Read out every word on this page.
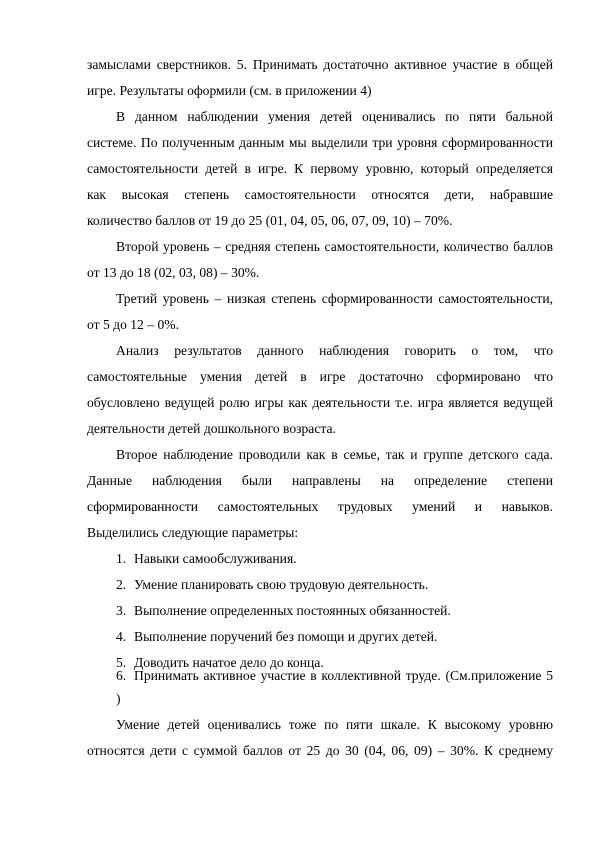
замыслами сверстников. 5. Принимать достаточно активное участие в общей
игре. Результаты оформили (см. в приложении 4)
В данном наблюдении умения детей оценивались по пяти бальной
системе. По полученным данным мы выделили три уровня сформированности
самостоятельности детей в игре. К первому уровню, который определяется
как высокая степень самостоятельности относятся дети, набравшие
количество баллов от 19 до 25 (01, 04, 05, 06, 07, 09, 10) – 70%.
Второй уровень – средняя степень самостоятельности, количество баллов
от 13 до 18 (02, 03, 08) – 30%.
Третий уровень – низкая степень сформированности самостоятельности,
от 5 до 12 – 0%.
Анализ результатов данного наблюдения говорить о том, что
самостоятельные умения детей в игре достаточно сформировано что
обусловлено ведущей ролю игры как деятельности т.е. игра является ведущей
деятельности детей дошкольного возраста.
Второе наблюдение проводили как в семье, так и группе детского сада.
Данные наблюдения были направлены на определение степени
сформированности самостоятельных трудовых умений и навыков.
Выделились следующие параметры:
1. Навыки самообслуживания.
2. Умение планировать свою трудовую деятельность.
3. Выполнение определенных постоянных обязанностей.
4. Выполнение поручений без помощи и других детей.
5. Доводить начатое дело до конца.
6. Принимать активное участие в коллективной труде. (См.приложение 5
)
Умение детей оценивались тоже по пяти шкале. К высокому уровню
относятся дети с суммой баллов от 25 до 30 (04, 06, 09) – 30%. К среднему
